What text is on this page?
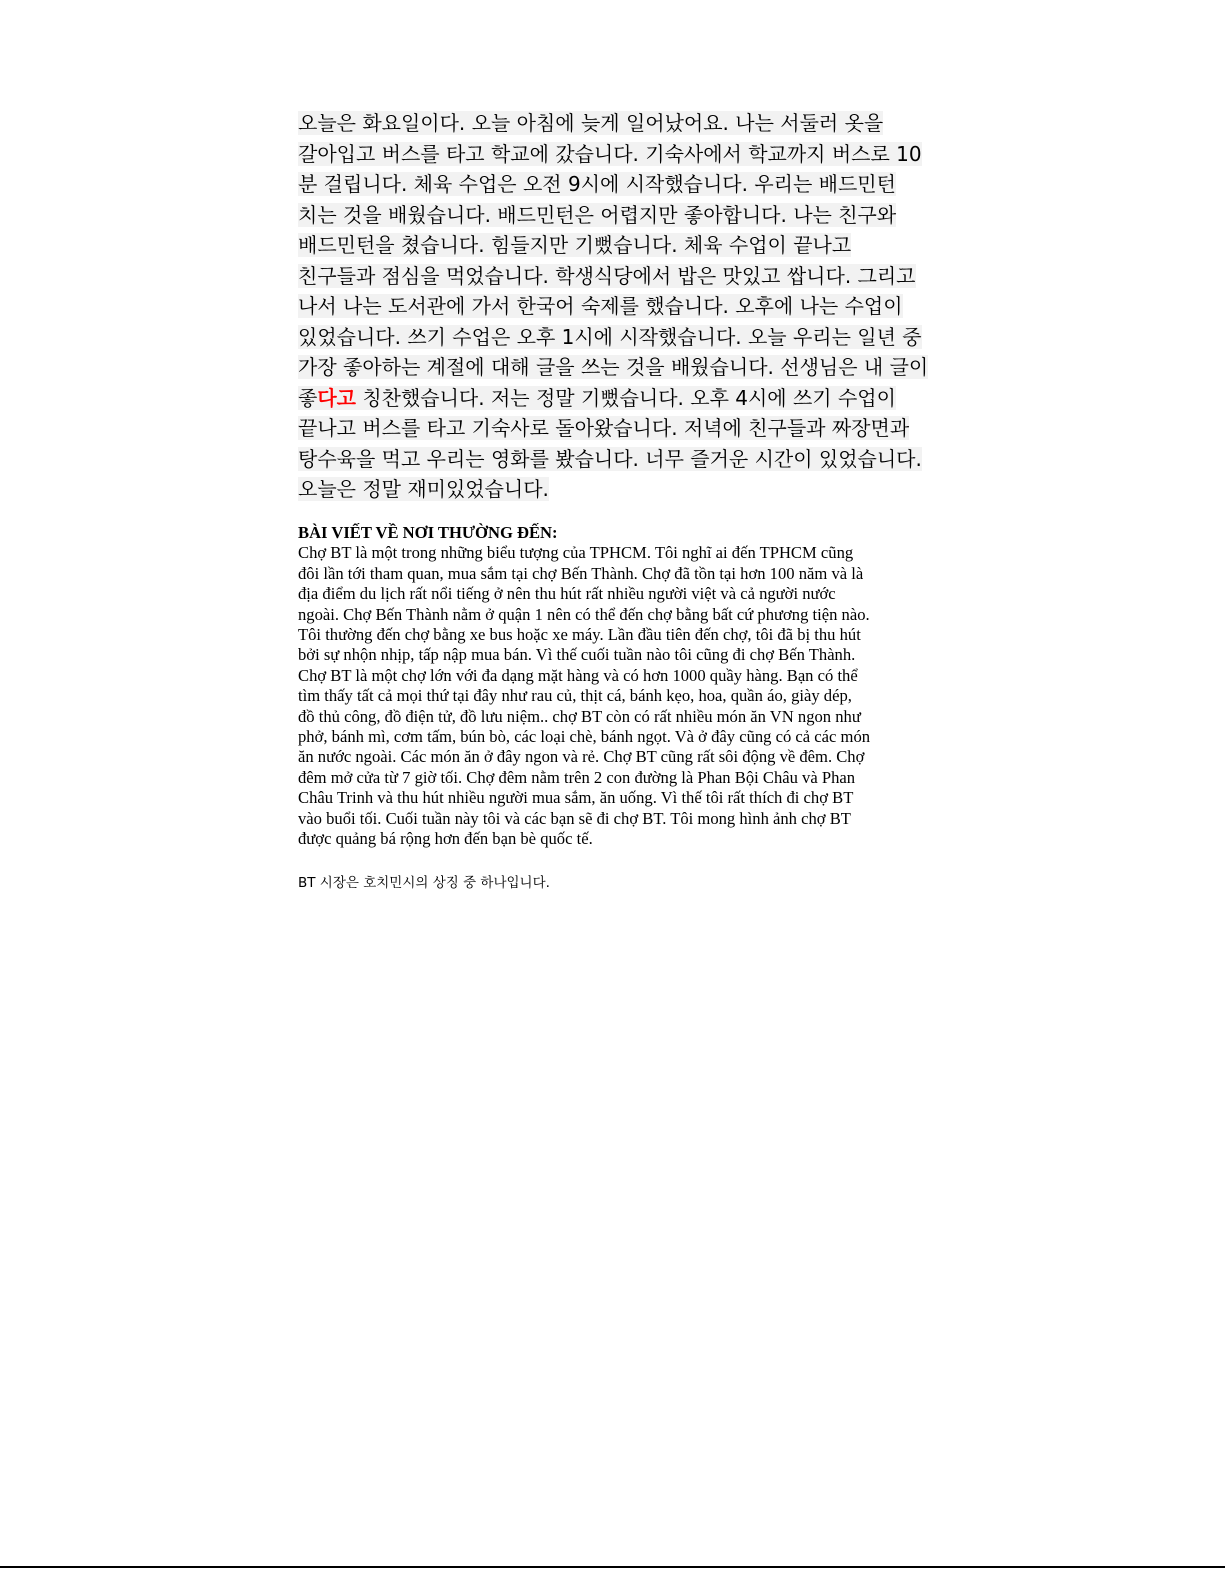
오늘은 화요일이다. 오늘 아침에 늦게 일어났어요. 나는 서둘러 옷을
갈아입고 버스를 타고 학교에 갔습니다. 기숙사에서 학교까지 버스로 10
분 걸립니다. 체육 수업은 오전 9시에 시작했습니다. 우리는 배드민턴
치는 것을 배웠습니다. 배드민턴은 어렵지만 좋아합니다. 나는 친구와
배드민턴을 쳤습니다. 힘들지만 기뻤습니다. 체육 수업이 끝나고
친구들과 점심을 먹었습니다. 학생식당에서 밥은 맛있고 쌉니다. 그리고
나서 나는 도서관에 가서 한국어 숙제를 했습니다. 오후에 나는 수업이
있었습니다. 쓰기 수업은 오후 1시에 시작했습니다. 오늘 우리는 일년 중
가장 좋아하는 계절에 대해 글을 쓰는 것을 배웠습니다. 선생님은 내 글이
좋다고 칭찬했습니다. 저는 정말 기뻤습니다. 오후 4시에 쓰기 수업이
끝나고 버스를 타고 기숙사로 돌아왔습니다. 저녁에 친구들과 짜장면과
탕수육을 먹고 우리는 영화를 봤습니다. 너무 즐거운 시간이 있었습니다.
오늘은 정말 재미있었습니다.
BÀI VIẾT VỀ NƠI THƯỜNG ĐẾN:
Chợ BT là một trong những biểu tượng của TPHCM. Tôi nghĩ ai đến TPHCM cũng
đôi lần tới tham quan, mua sắm tại chợ Bến Thành. Chợ đã tồn tại hơn 100 năm và là
địa điểm du lịch rất nổi tiếng ở nên thu hút rất nhiều người việt và cả người nước
ngoài. Chợ Bến Thành nằm ở quận 1 nên có thể đến chợ bằng bất cứ phương tiện nào.
Tôi thường đến chợ bằng xe bus hoặc xe máy. Lần đầu tiên đến chợ, tôi đã bị thu hút
bởi sự nhộn nhịp, tấp nập mua bán. Vì thế cuối tuần nào tôi cũng đi chợ Bến Thành.
Chợ BT là một chợ lớn với đa dạng mặt hàng và có hơn 1000 quầy hàng. Bạn có thể
tìm thấy tất cả mọi thứ tại đây như rau củ, thịt cá, bánh kẹo, hoa, quần áo, giày dép,
đồ thủ công, đồ điện tử, đồ lưu niệm.. chợ BT còn có rất nhiều món ăn VN ngon như
phở, bánh mì, cơm tấm, bún bò, các loại chè, bánh ngọt. Và ở đây cũng có cả các món
ăn nước ngoài. Các món ăn ở đây ngon và rẻ. Chợ BT cũng rất sôi động về đêm. Chợ
đêm mở cửa từ 7 giờ tối. Chợ đêm nằm trên 2 con đường là Phan Bội Châu và Phan
Châu Trinh và thu hút nhiều người mua sắm, ăn uống. Vì thế tôi rất thích đi chợ BT
vào buổi tối. Cuối tuần này tôi và các bạn sẽ đi chợ BT. Tôi mong hình ảnh chợ BT
được quảng bá rộng hơn đến bạn bè quốc tế.
BT 시장은 호치민시의 상징 중 하나입니다.
